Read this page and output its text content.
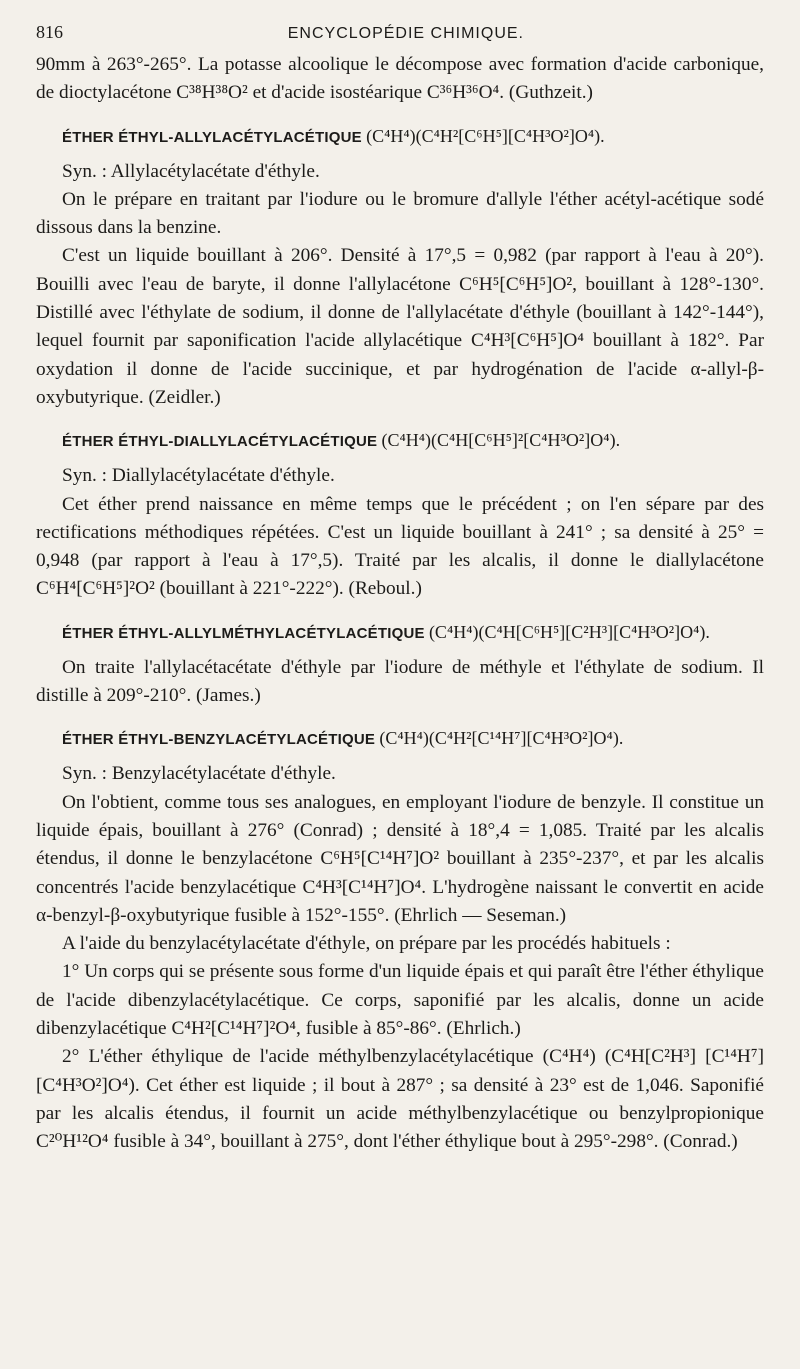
816	ENCYCLOPÉDIE CHIMIQUE.

90mm à 263°-265°. La potasse alcoolique le décompose avec formation d'acide carbonique, de dioctylacétone C³⁸H³⁸O² et d'acide isostéarique C³⁶H³⁶O⁴. (Guthzeit.)

ÉTHER ÉTHYL-ALLYLACÉTYLACÉTIQUE (C⁴H⁴)(C⁴H²[C⁶H⁵][C⁴H³O²]O⁴).

Syn. : Allylacétylacétate d'éthyle.

On le prépare en traitant par l'iodure ou le bromure d'allyle l'éther acétyl-acétique sodé dissous dans la benzine.

C'est un liquide bouillant à 206°. Densité à 17°,5 = 0,982 (par rapport à l'eau à 20°). Bouilli avec l'eau de baryte, il donne l'allylacétone C⁶H⁵[C⁶H⁵]O², bouillant à 128°-130°. Distillé avec l'éthylate de sodium, il donne de l'allylacétate d'éthyle (bouillant à 142°-144°), lequel fournit par saponification l'acide allylacétique C⁴H³[C⁶H⁵]O⁴ bouillant à 182°. Par oxydation il donne de l'acide succinique, et par hydrogénation de l'acide α-allyl-β-oxybutyrique. (Zeidler.)

ÉTHER ÉTHYL-DIALLYLACÉTYLACÉTIQUE (C⁴H⁴)(C⁴H[C⁶H⁵]²[C⁴H³O²]O⁴).

Syn. : Diallylacétylacétate d'éthyle.

Cet éther prend naissance en même temps que le précédent ; on l'en sépare par des rectifications méthodiques répétées. C'est un liquide bouillant à 241° ; sa densité à 25° = 0,948 (par rapport à l'eau à 17°,5). Traité par les alcalis, il donne le diallylacétone C⁶H⁴[C⁶H⁵]²O² (bouillant à 221°-222°). (Reboul.)

ÉTHER ÉTHYL-ALLYLMÉTHYLACÉTYLACÉTIQUE (C⁴H⁴)(C⁴H[C⁶H⁵][C²H³][C⁴H³O²]O⁴).

On traite l'allylacétacétate d'éthyle par l'iodure de méthyle et l'éthylate de sodium. Il distille à 209°-210°. (James.)

ÉTHER ÉTHYL-BENZYLACÉTYLACÉTIQUE (C⁴H⁴)(C⁴H²[C¹⁴H⁷][C⁴H³O²]O⁴).

Syn. : Benzylacétylacétate d'éthyle.

On l'obtient, comme tous ses analogues, en employant l'iodure de benzyle. Il constitue un liquide épais, bouillant à 276° (Conrad) ; densité à 18°,4 = 1,085. Traité par les alcalis étendus, il donne le benzylacétone C⁶H⁵[C¹⁴H⁷]O² bouillant à 235°-237°, et par les alcalis concentrés l'acide benzylacétique C⁴H³[C¹⁴H⁷]O⁴. L'hydrogène naissant le convertit en acide α-benzyl-β-oxybutyrique fusible à 152°-155°. (Ehrlich — Seseman.)

A l'aide du benzylacétylacétate d'éthyle, on prépare par les procédés habituels :

1° Un corps qui se présente sous forme d'un liquide épais et qui paraît être l'éther éthylique de l'acide dibenzylacétylacétique. Ce corps, saponifié par les alcalis, donne un acide dibenzylacétique C⁴H²[C¹⁴H⁷]²O⁴, fusible à 85°-86°. (Ehrlich.)

2° L'éther éthylique de l'acide méthylbenzylacétylacétique (C⁴H⁴) (C⁴H[C²H³] [C¹⁴H⁷][C⁴H³O²]O⁴). Cet éther est liquide ; il bout à 287° ; sa densité à 23° est de 1,046. Saponifié par les alcalis étendus, il fournit un acide méthylbenzylacétique ou benzylpropionique C²⁰H¹²O⁴ fusible à 34°, bouillant à 275°, dont l'éther éthylique bout à 295°-298°. (Conrad.)
